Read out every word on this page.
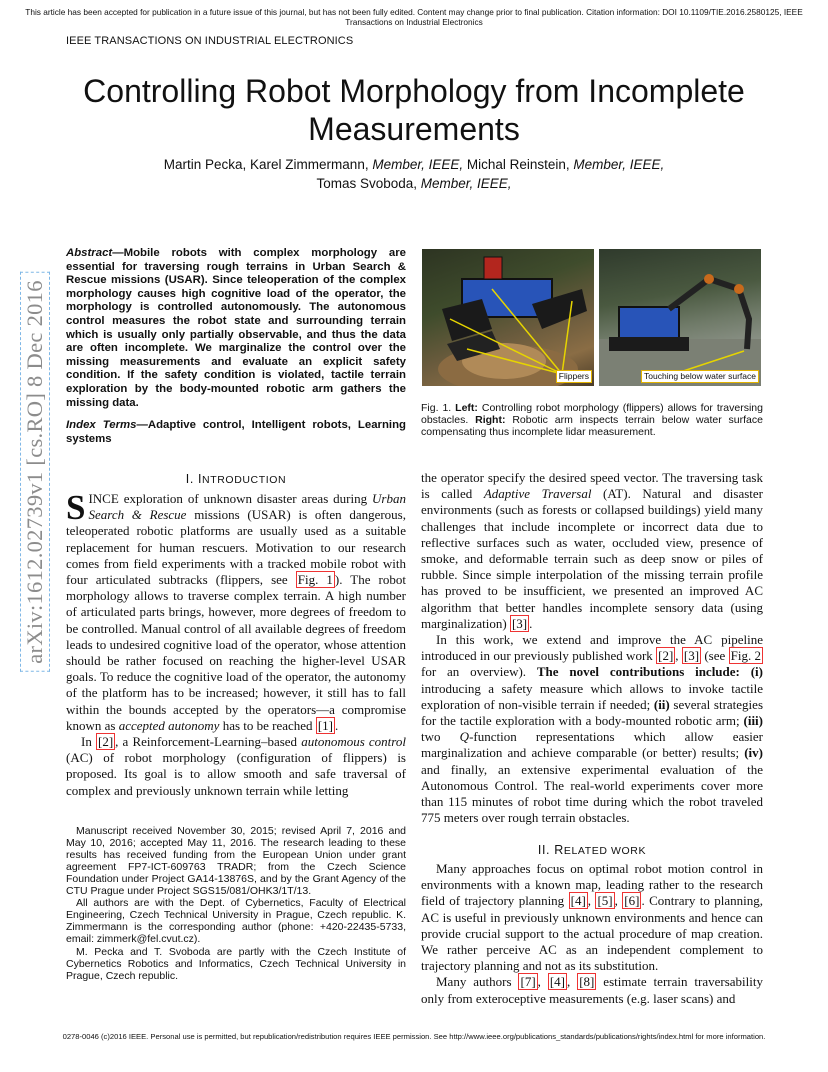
This article has been accepted for publication in a future issue of this journal, but has not been fully edited. Content may change prior to final publication. Citation information: DOI 10.1109/TIE.2016.2580125, IEEE Transactions on Industrial Electronics
IEEE TRANSACTIONS ON INDUSTRIAL ELECTRONICS
Controlling Robot Morphology from Incomplete Measurements
Martin Pecka, Karel Zimmermann, Member, IEEE, Michal Reinstein, Member, IEEE,
Tomas Svoboda, Member, IEEE,
arXiv:1612.02739v1 [cs.RO] 8 Dec 2016
Abstract—Mobile robots with complex morphology are essential for traversing rough terrains in Urban Search & Rescue missions (USAR). Since teleoperation of the complex morphology causes high cognitive load of the operator, the morphology is controlled autonomously. The autonomous control measures the robot state and surrounding terrain which is usually only partially observable, and thus the data are often incomplete. We marginalize the control over the missing measurements and evaluate an explicit safety condition. If the safety condition is violated, tactile terrain exploration by the body-mounted robotic arm gathers the missing data.
Index Terms—Adaptive control, Intelligent robots, Learning systems
I. INTRODUCTION

SINCE exploration of unknown disaster areas during Urban Search & Rescue missions (USAR) is often dangerous, teleoperated robotic platforms are usually used as a suitable replacement for human rescuers. Motivation to our research comes from field experiments with a tracked mobile robot with four articulated subtracks (flippers, see Fig. 1 ). The robot morphology allows to traverse complex terrain. A high number of articulated parts brings, however, more degrees of freedom to be controlled. Manual control of all available degrees of freedom leads to undesired cognitive load of the operator, whose attention should be rather focused on reaching the higher-level USAR goals. To reduce the cognitive load of the operator, the autonomy of the platform has to be increased; however, it still has to fall within the bounds accepted by the operators—a compromise known as accepted autonomy has to be reached [1] .

In [2] , a Reinforcement-Learning–based autonomous control (AC) of robot morphology (configuration of flippers) is proposed. Its goal is to allow smooth and safe traversal of complex and previously unknown terrain while letting

Manuscript received November 30, 2015; revised April 7, 2016 and May 10, 2016; accepted May 11, 2016. The research leading to these results has received funding from the European Union under grant agreement FP7-ICT-609763 TRADR; from the Czech Science Foundation under Project GA14-13876S, and by the Grant Agency of the CTU Prague under Project SGS15/081/OHK3/1T/13.

All authors are with the Dept. of Cybernetics, Faculty of Electrical Engineering, Czech Technical University in Prague, Czech republic. K. Zimmermann is the corresponding author (phone: +420-22435-5733, email: zimmerk@fel.cvut.cz).

M. Pecka and T. Svoboda are partly with the Czech Institute of Cybernetics Robotics and Informatics, Czech Technical University in Prague, Czech republic.

Flippers	Touching below water surface
Fig. 1. Left: Controlling robot morphology (flippers) allows for traversing obstacles. Right: Robotic arm inspects terrain below water surface compensating thus incomplete lidar measurement.

the operator specify the desired speed vector. The traversing task is called Adaptive Traversal (AT). Natural and disaster environments (such as forests or collapsed buildings) yield many challenges that include incomplete or incorrect data due to reflective surfaces such as water, occluded view, presence of smoke, and deformable terrain such as deep snow or piles of rubble. Since simple interpolation of the missing terrain profile has proved to be insufficient, we presented an improved AC algorithm that better handles incomplete sensory data (using marginalization) [3] .

In this work, we extend and improve the AC pipeline introduced in our previously published work [2] , [3] (see Fig. 2 for an overview). The novel contributions include: (i) introducing a safety measure which allows to invoke tactile exploration of non-visible terrain if needed; (ii) several strategies for the tactile exploration with a body-mounted robotic arm; (iii) two Q-function representations which allow easier marginalization and achieve comparable (or better) results; (iv) and finally, an extensive experimental evaluation of the Autonomous Control. The real-world experiments cover more than 115 minutes of robot time during which the robot traveled 775 meters over rough terrain obstacles.

II. RELATED WORK

Many approaches focus on optimal robot motion control in environments with a known map, leading rather to the research field of trajectory planning [4] , [5] , [6] . Contrary to planning, AC is useful in previously unknown environments and hence can provide crucial support to the actual procedure of map creation. We rather perceive AC as an independent complement to trajectory planning and not as its substitution.

Many authors [7] , [4] , [8] estimate terrain traversability only from exteroceptive measurements (e.g. laser scans) and

0278-0046 (c)2016 IEEE. Personal use is permitted, but republication/redistribution requires IEEE permission. See http://www.ieee.org/publications_standards/publications/rights/index.html for more information.
